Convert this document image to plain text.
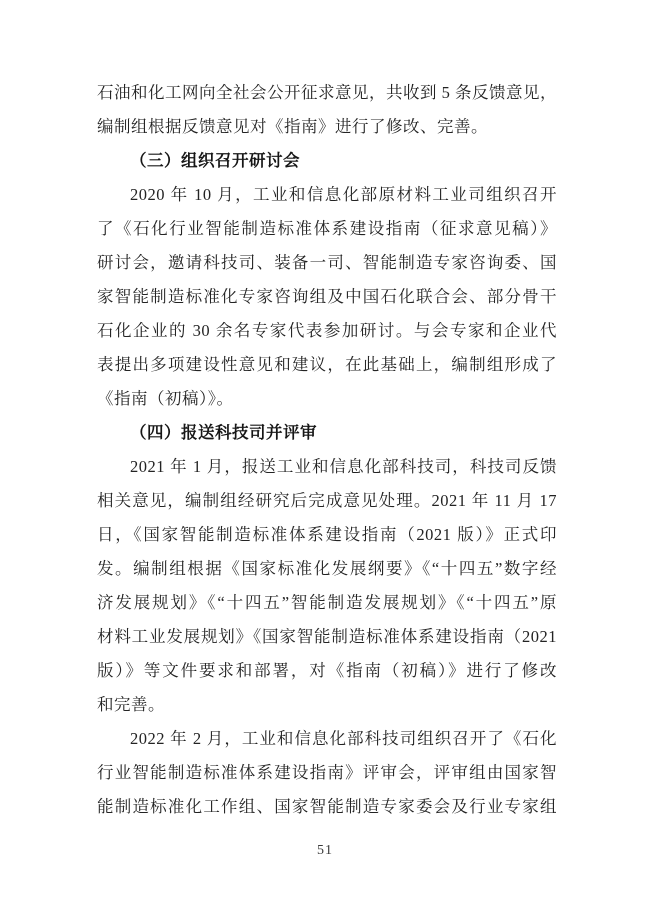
石油和化工网向全社会公开征求意见，共收到 5 条反馈意见，
编制组根据反馈意见对《指南》进行了修改、完善。
（三）组织召开研讨会
2020 年 10 月，工业和信息化部原材料工业司组织召开
了《石化行业智能制造标准体系建设指南（征求意见稿）》
研讨会，邀请科技司、装备一司、智能制造专家咨询委、国
家智能制造标准化专家咨询组及中国石化联合会、部分骨干
石化企业的 30 余名专家代表参加研讨。与会专家和企业代
表提出多项建设性意见和建议，在此基础上，编制组形成了
《指南（初稿）》。
（四）报送科技司并评审
2021 年 1 月，报送工业和信息化部科技司，科技司反馈
相关意见，编制组经研究后完成意见处理。2021 年 11 月 17
日，《国家智能制造标准体系建设指南（2021 版）》正式印
发。编制组根据《国家标准化发展纲要》《“十四五”数字经
济发展规划》《“十四五”智能制造发展规划》《“十四五”原
材料工业发展规划》《国家智能制造标准体系建设指南（2021
版）》等文件要求和部署，对《指南（初稿）》进行了修改
和完善。
2022 年 2 月，工业和信息化部科技司组织召开了《石化
行业智能制造标准体系建设指南》评审会，评审组由国家智
能制造标准化工作组、国家智能制造专家委会及行业专家组
51
